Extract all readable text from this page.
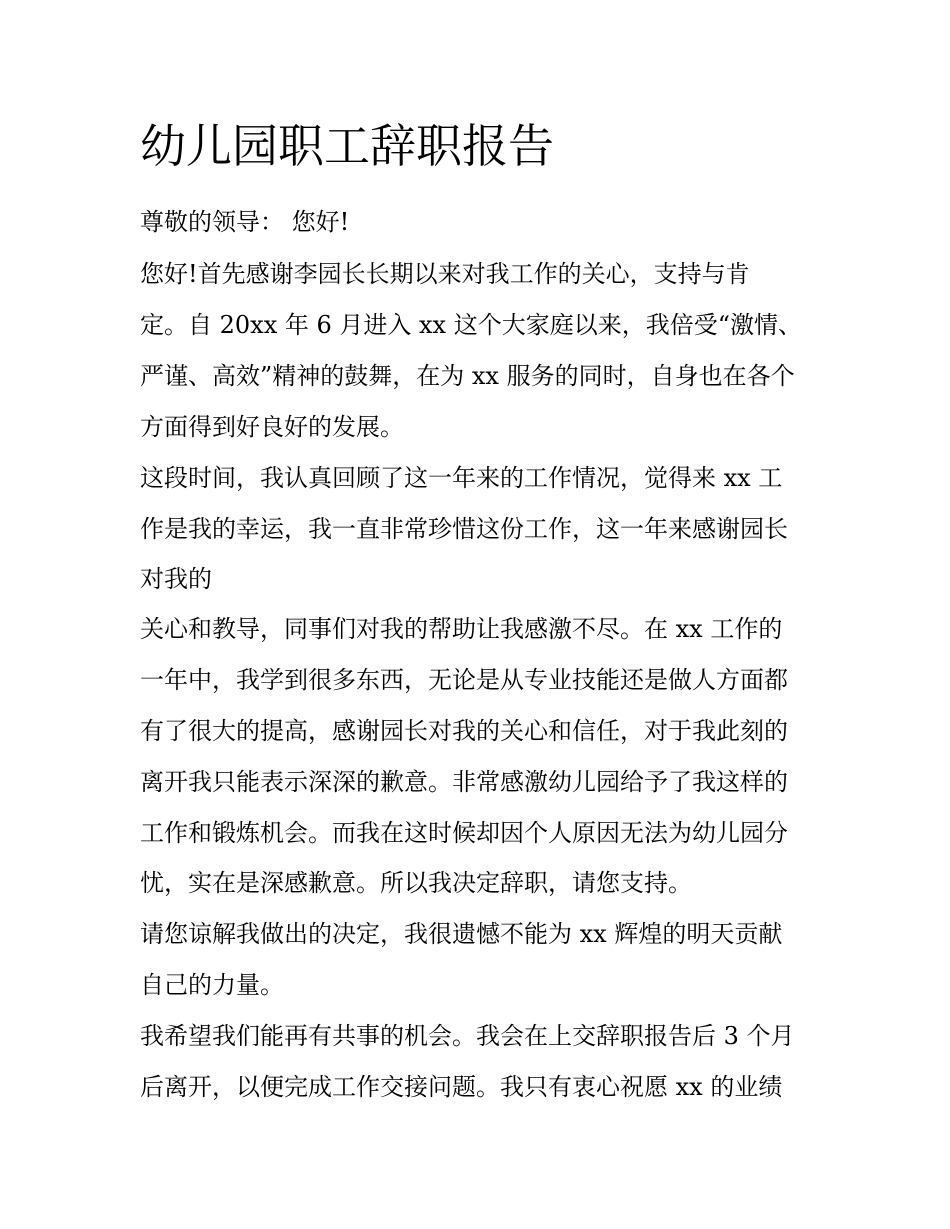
幼儿园职工辞职报告
尊敬的领导： 您好!
您好!首先感谢李园长长期以来对我工作的关心，支持与肯
定。自 20xx 年 6 月进入 xx 这个大家庭以来，我倍受“激情、
严谨、高效”精神的鼓舞，在为 xx 服务的同时，自身也在各个
方面得到好良好的发展。
这段时间，我认真回顾了这一年来的工作情况，觉得来 xx 工
作是我的幸运，我一直非常珍惜这份工作，这一年来感谢园长
对我的
关心和教导，同事们对我的帮助让我感激不尽。在 xx 工作的
一年中，我学到很多东西，无论是从专业技能还是做人方面都
有了很大的提高，感谢园长对我的关心和信任，对于我此刻的
离开我只能表示深深的歉意。非常感激幼儿园给予了我这样的
工作和锻炼机会。而我在这时候却因个人原因无法为幼儿园分
忧，实在是深感歉意。所以我决定辞职，请您支持。
请您谅解我做出的决定，我很遗憾不能为 xx 辉煌的明天贡献
自己的力量。
我希望我们能再有共事的机会。我会在上交辞职报告后 3 个月
后离开，以便完成工作交接问题。我只有衷心祝愿 xx 的业绩
